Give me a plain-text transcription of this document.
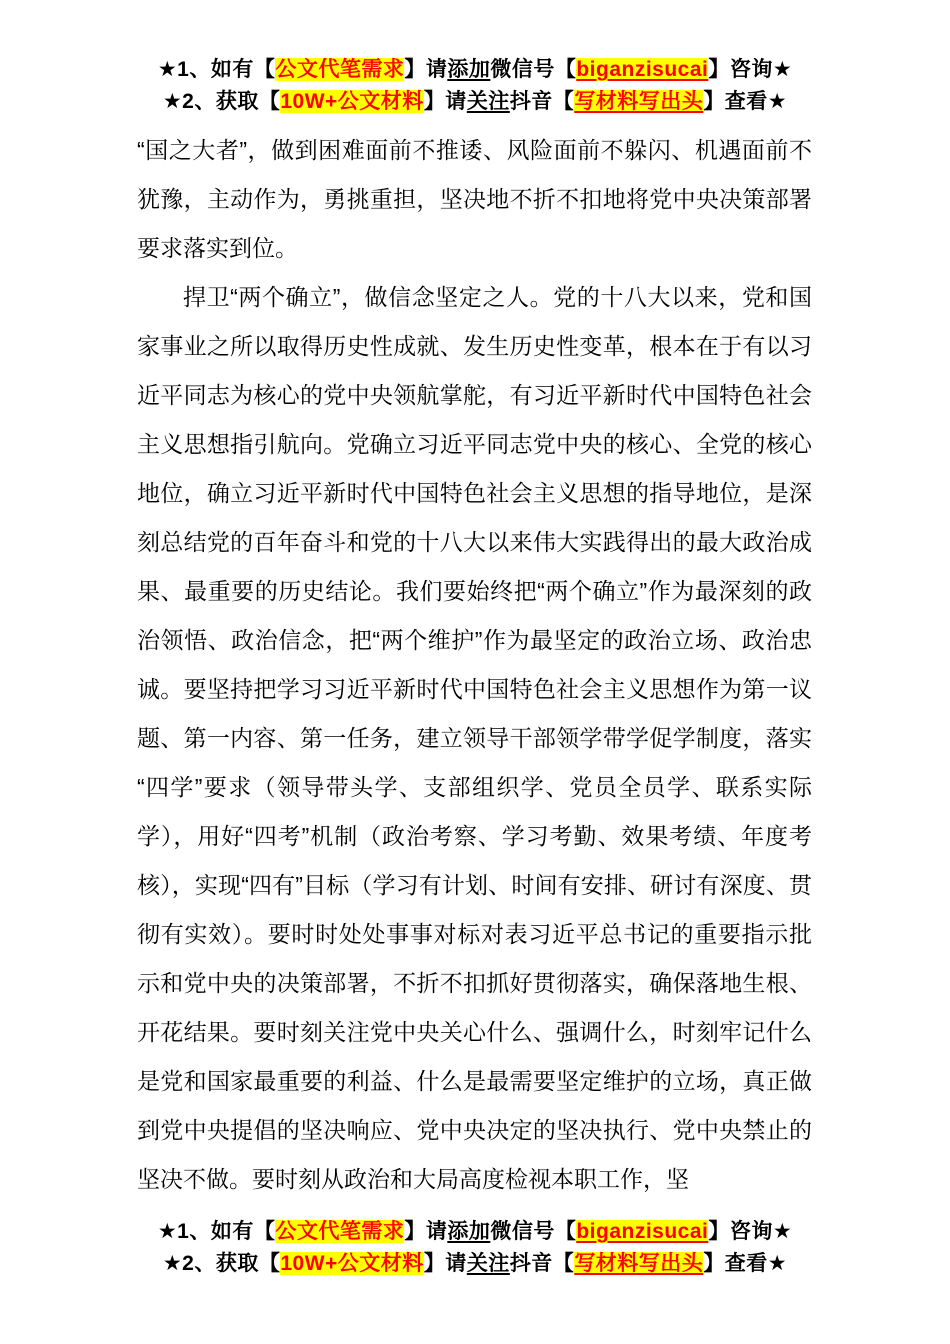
★1、如有【公文代笔需求】请添加微信号【biganzisucai】咨询★
★2、获取【10W+公文材料】请关注抖音【写材料写出头】查看★

“国之大者”，做到困难面前不推诿、风险面前不躲闪、机遇面前不犹豫，主动作为，勇挑重担，坚决地不折不扣地将党中央决策部署要求落实到位。

捍卫“两个确立”，做信念坚定之人。党的十八大以来，党和国家事业之所以取得历史性成就、发生历史性变革，根本在于有以习近平同志为核心的党中央领航掌舵，有习近平新时代中国特色社会主义思想指引航向。党确立习近平同志党中央的核心、全党的核心地位，确立习近平新时代中国特色社会主义思想的指导地位，是深刻总结党的百年奋斗和党的十八大以来伟大实践得出的最大政治成果、最重要的历史结论。我们要始终把“两个确立”作为最深刻的政治领悟、政治信念，把“两个维护”作为最坚定的政治立场、政治忠诚。要坚持把学习习近平新时代中国特色社会主义思想作为第一议题、第一内容、第一任务，建立领导干部领学带学促学制度，落实“四学”要求（领导带头学、支部组织学、党员全员学、联系实际学），用好“四考”机制（政治考察、学习考勤、效果考绩、年度考核），实现“四有”目标（学习有计划、时间有安排、研讨有深度、贯彻有实效）。要时时处处事事对标对表习近平总书记的重要指示批示和党中央的决策部署，不折不扣抓好贯彻落实，确保落地生根、开花结果。要时刻关注党中央关心什么、强调什么，时刻牢记什么是党和国家最重要的利益、什么是最需要坚定维护的立场，真正做到党中央提倡的坚决响应、党中央决定的坚决执行、党中央禁止的坚决不做。要时刻从政治和大局高度检视本职工作，坚

★1、如有【公文代笔需求】请添加微信号【biganzisucai】咨询★
★2、获取【10W+公文材料】请关注抖音【写材料写出头】查看★
